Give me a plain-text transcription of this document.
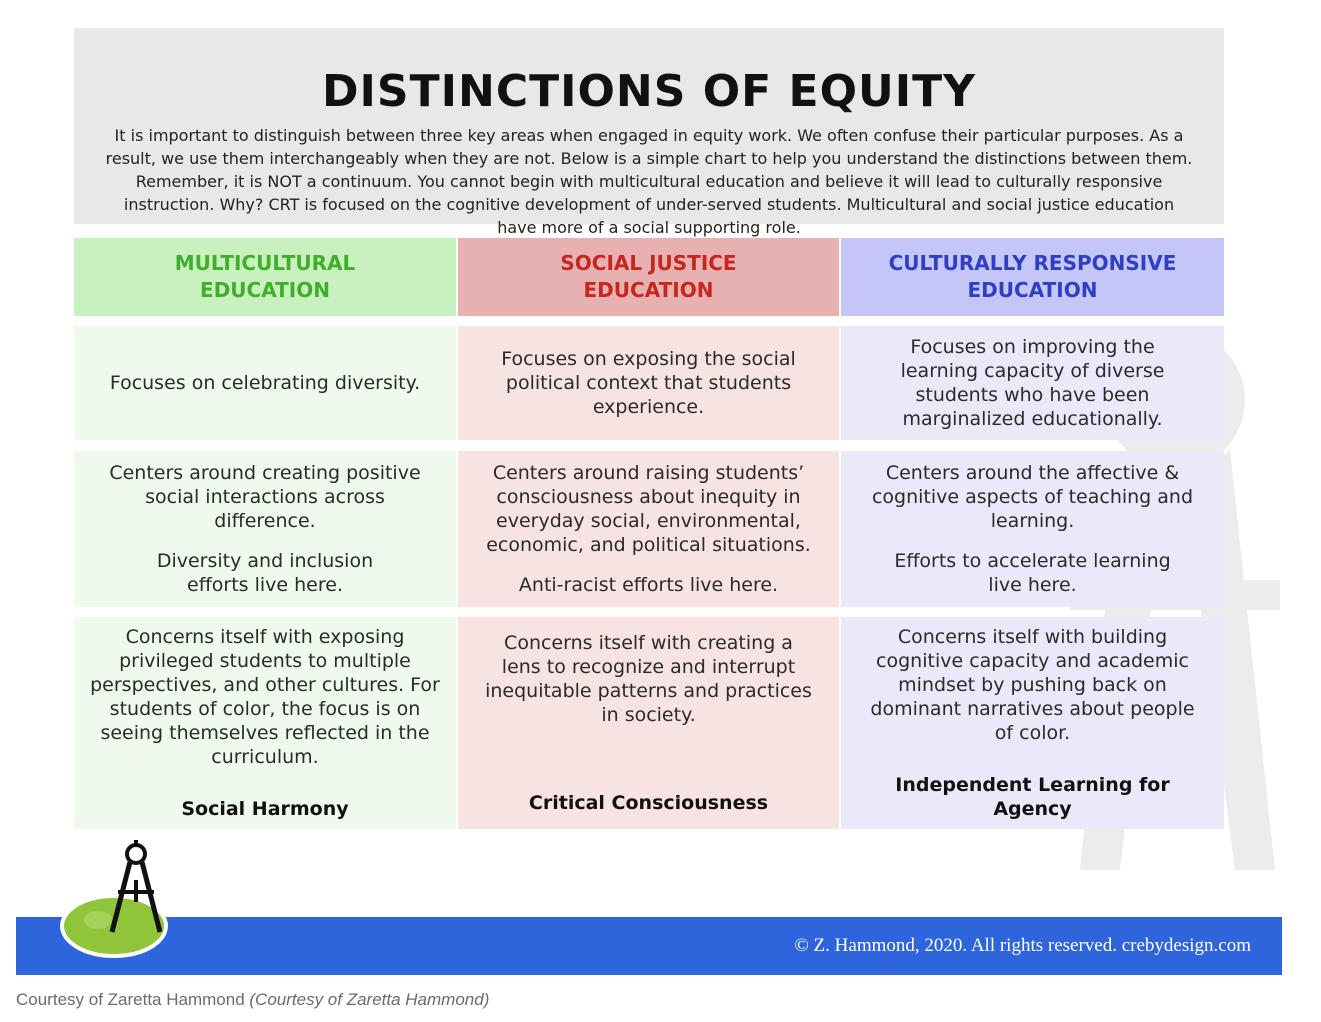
DISTINCTIONS OF EQUITY
It is important to distinguish between three key areas when engaged in equity work. We often confuse their particular purposes. As a result, we use them interchangeably when they are not. Below is a simple chart to help you understand the distinctions between them. Remember, it is NOT a continuum. You cannot begin with multicultural education and believe it will lead to culturally responsive instruction. Why? CRT is focused on the cognitive development of under-served students. Multicultural and social justice education have more of a social supporting role.
MULTICULTURAL
EDUCATION
SOCIAL JUSTICE
EDUCATION
CULTURALLY RESPONSIVE
EDUCATION

Focuses on celebrating diversity.

Focuses on exposing the social political context that students experience.

Focuses on improving the learning capacity of diverse students who have been marginalized educationally.

Centers around creating positive social interactions across difference.

Diversity and inclusion efforts live here.

Centers around raising students’ consciousness about inequity in everyday social, environmental, economic, and political situations.

Anti-racist efforts live here.

Centers around the affective & cognitive aspects of teaching and learning.

Efforts to accelerate learning live here.

Concerns itself with exposing privileged students to multiple perspectives, and other cultures. For students of color, the focus is on seeing themselves reflected in the curriculum.

Social Harmony

Concerns itself with creating a lens to recognize and interrupt inequitable patterns and practices in society.

Critical Consciousness

Concerns itself with building cognitive capacity and academic mindset by pushing back on dominant narratives about people of color.

Independent Learning for Agency

© Z. Hammond, 2020. All rights reserved. crebydesign.com
Courtesy of Zaretta Hammond (Courtesy of Zaretta Hammond)
